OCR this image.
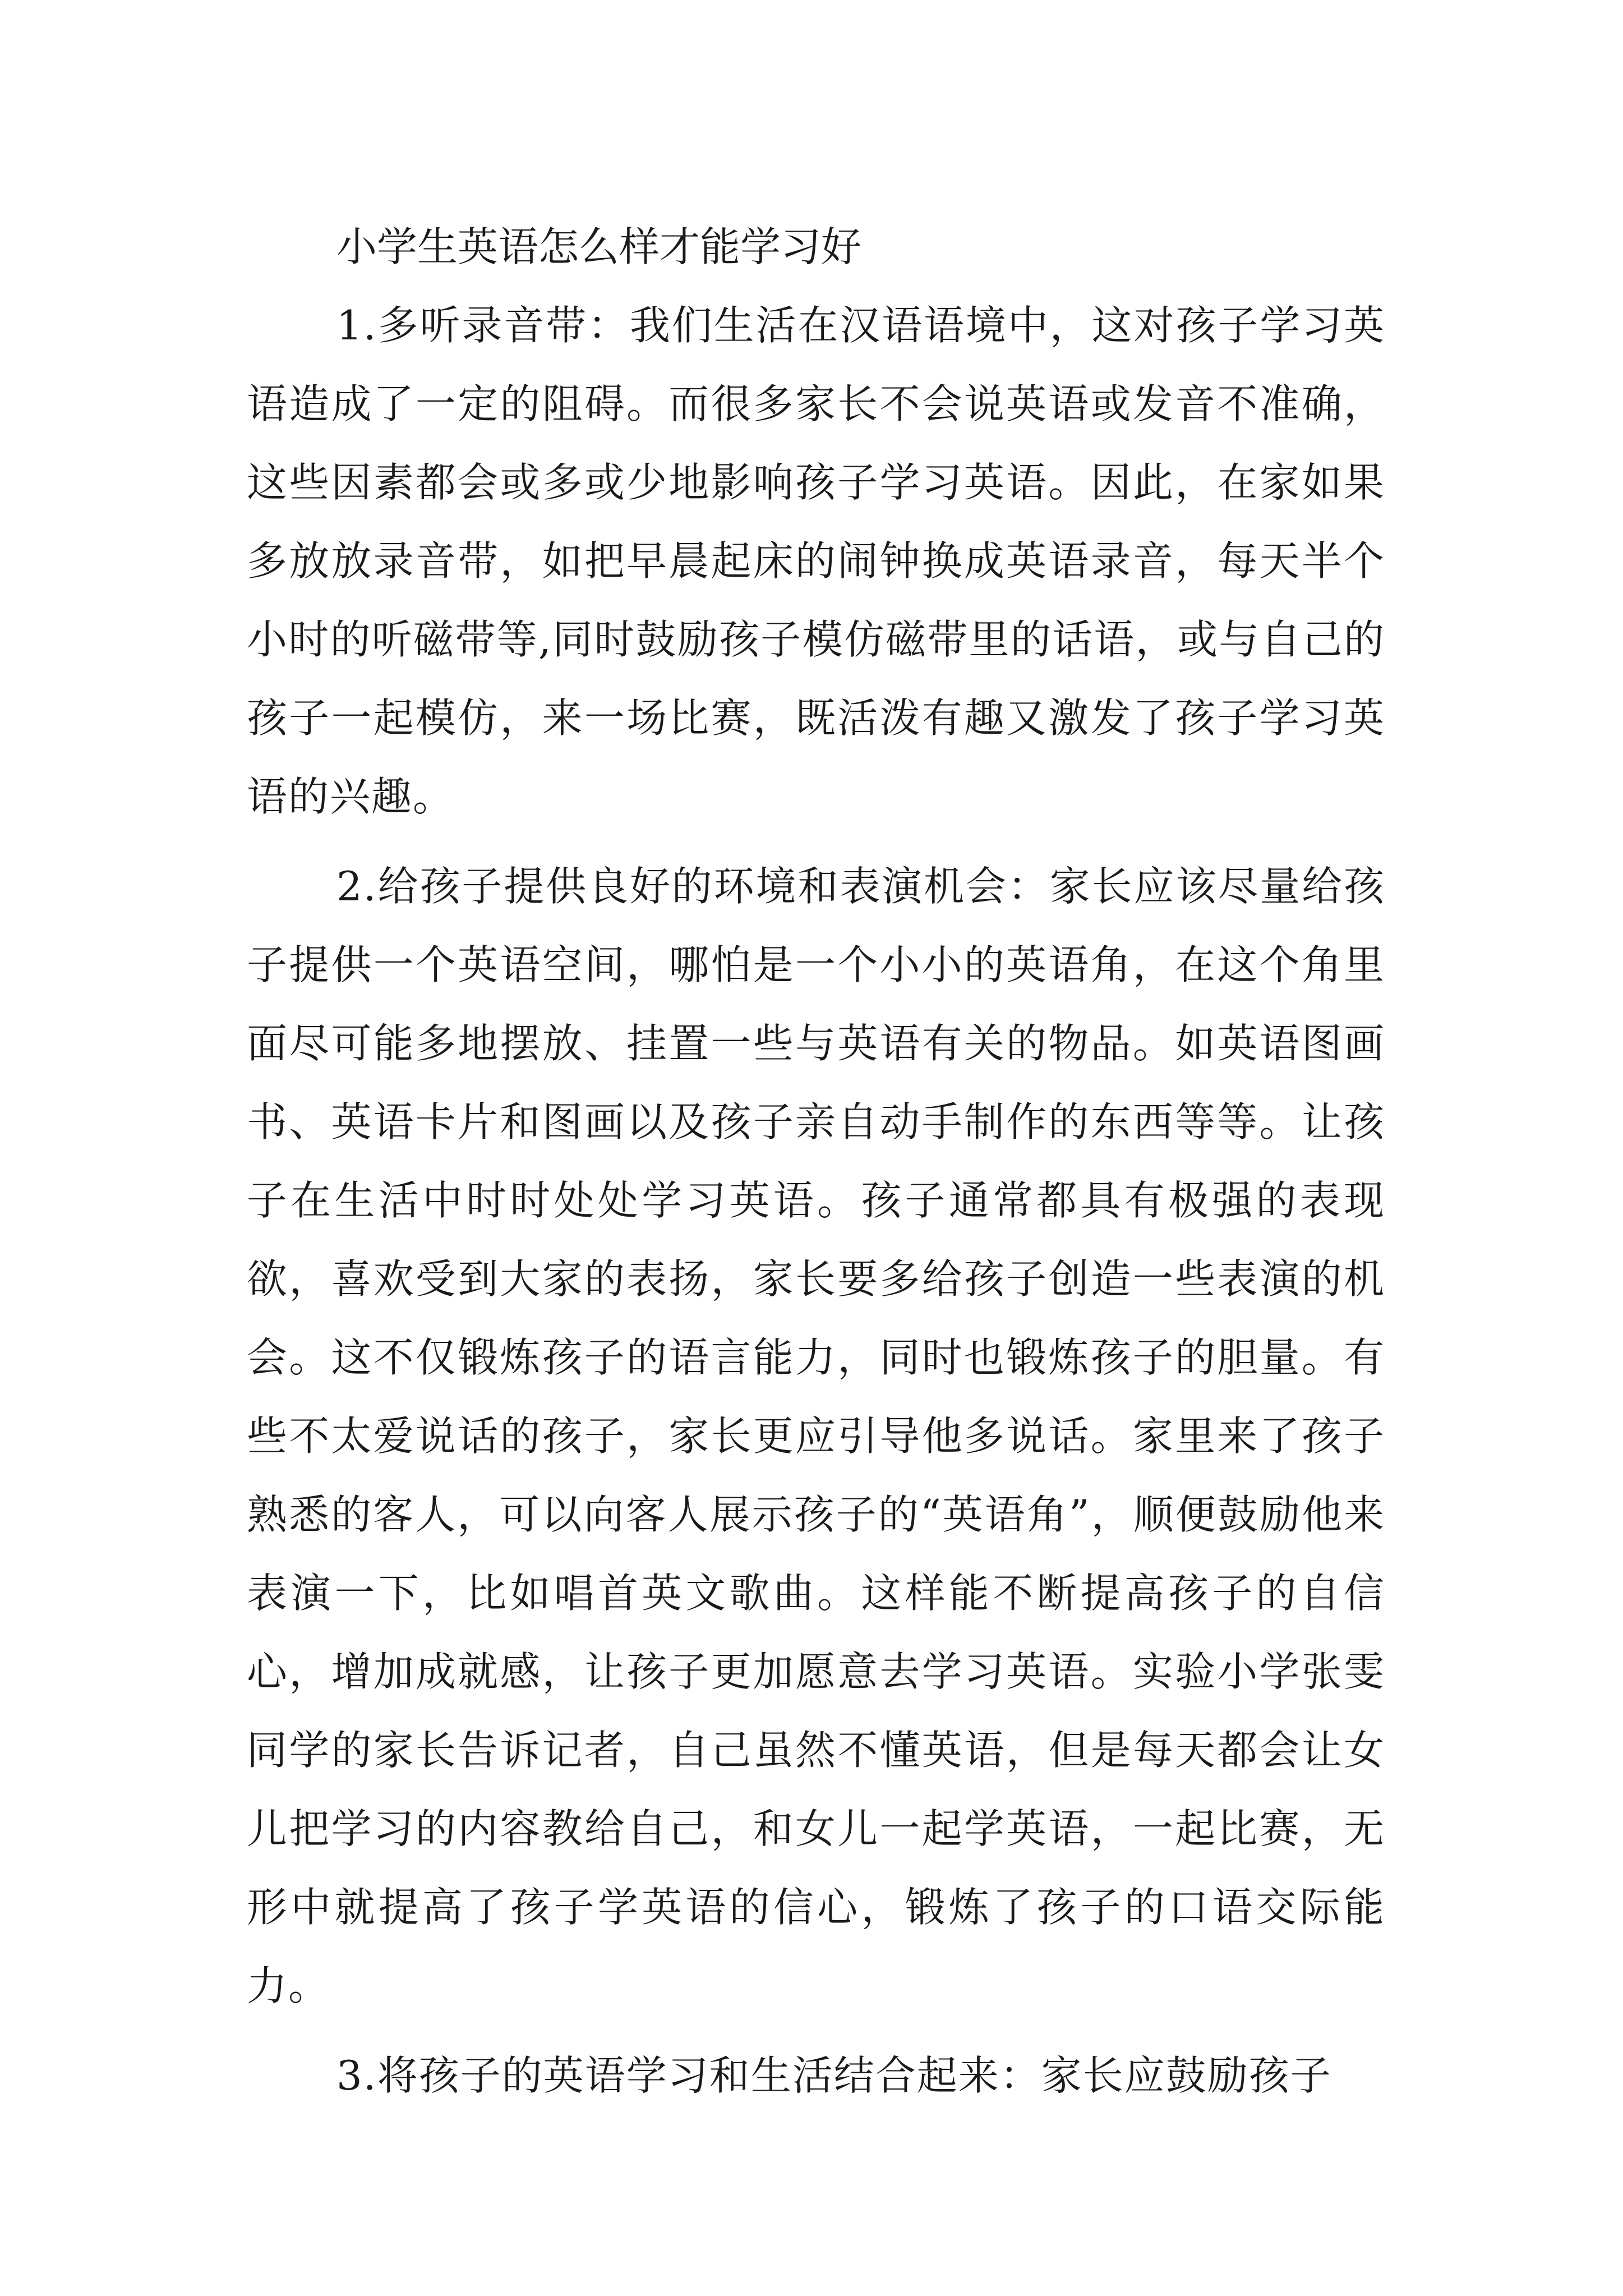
小学生英语怎么样才能学习好

1.多听录音带：我们生活在汉语语境中，这对孩子学习英语造成了一定的阻碍。而很多家长不会说英语或发音不准确，这些因素都会或多或少地影响孩子学习英语。因此，在家如果多放放录音带，如把早晨起床的闹钟换成英语录音，每天半个小时的听磁带等,同时鼓励孩子模仿磁带里的话语，或与自己的孩子一起模仿，来一场比赛，既活泼有趣又激发了孩子学习英语的兴趣。

2.给孩子提供良好的环境和表演机会：家长应该尽量给孩子提供一个英语空间，哪怕是一个小小的英语角，在这个角里面尽可能多地摆放、挂置一些与英语有关的物品。如英语图画书、英语卡片和图画以及孩子亲自动手制作的东西等等。让孩子在生活中时时处处学习英语。孩子通常都具有极强的表现欲，喜欢受到大家的表扬，家长要多给孩子创造一些表演的机会。这不仅锻炼孩子的语言能力，同时也锻炼孩子的胆量。有些不太爱说话的孩子，家长更应引导他多说话。家里来了孩子熟悉的客人，可以向客人展示孩子的“英语角”，顺便鼓励他来表演一下，比如唱首英文歌曲。这样能不断提高孩子的自信心，增加成就感，让孩子更加愿意去学习英语。实验小学张雯同学的家长告诉记者，自己虽然不懂英语，但是每天都会让女儿把学习的内容教给自己，和女儿一起学英语，一起比赛，无形中就提高了孩子学英语的信心，锻炼了孩子的口语交际能力。

3.将孩子的英语学习和生活结合起来：家长应鼓励孩子
